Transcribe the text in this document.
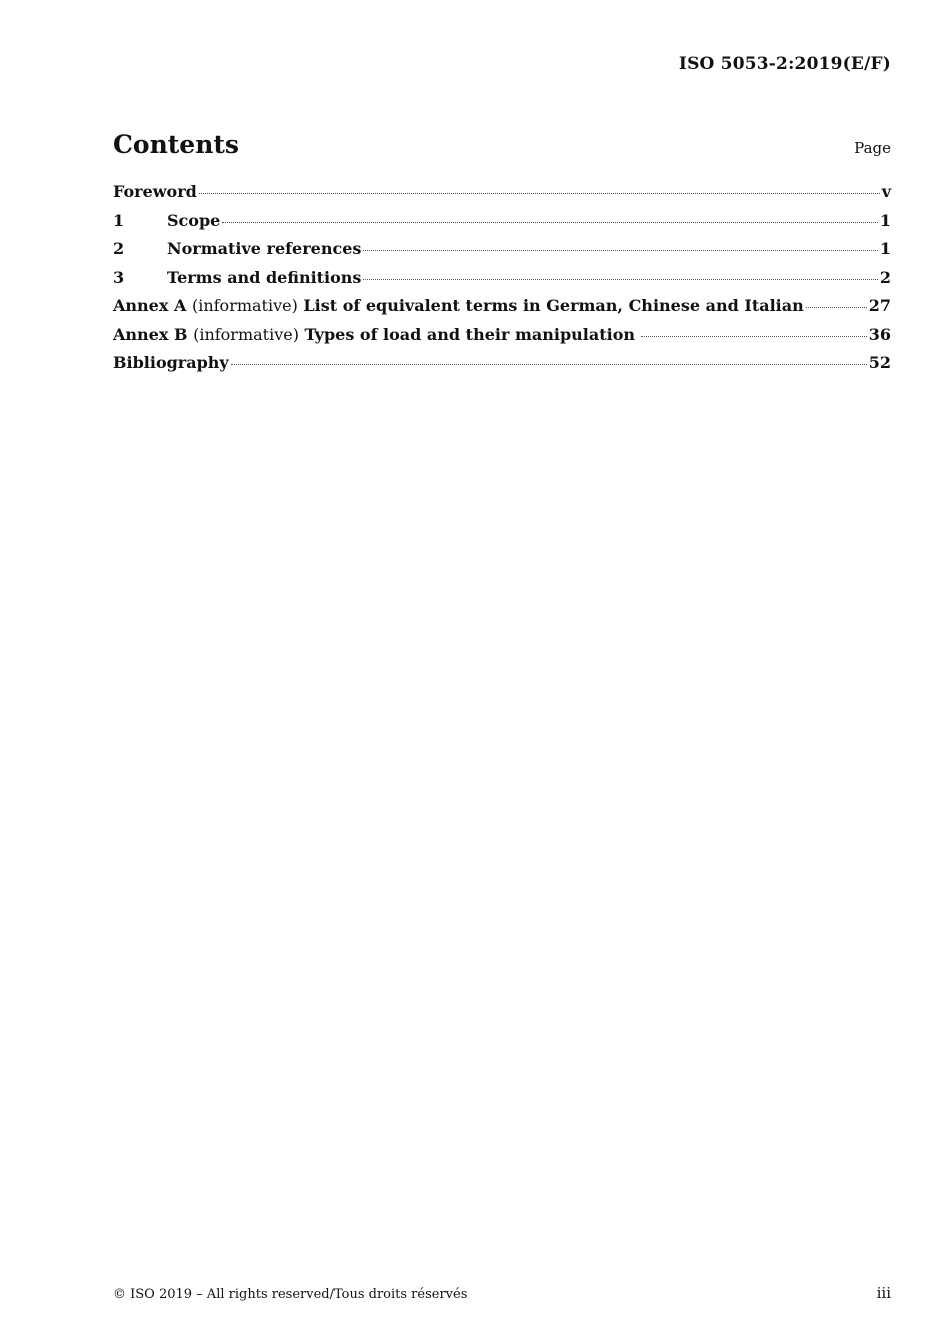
ISO 5053-2:2019(E/F)
Contents	Page
Foreword	v
1	Scope	1
2	Normative references	1
3	Terms and definitions	2
Annex A (informative) List of equivalent terms in German, Chinese and Italian	27
Annex B (informative) Types of load and their manipulation	36
Bibliography	52
© ISO 2019 – All rights reserved/Tous droits réservés	iii
